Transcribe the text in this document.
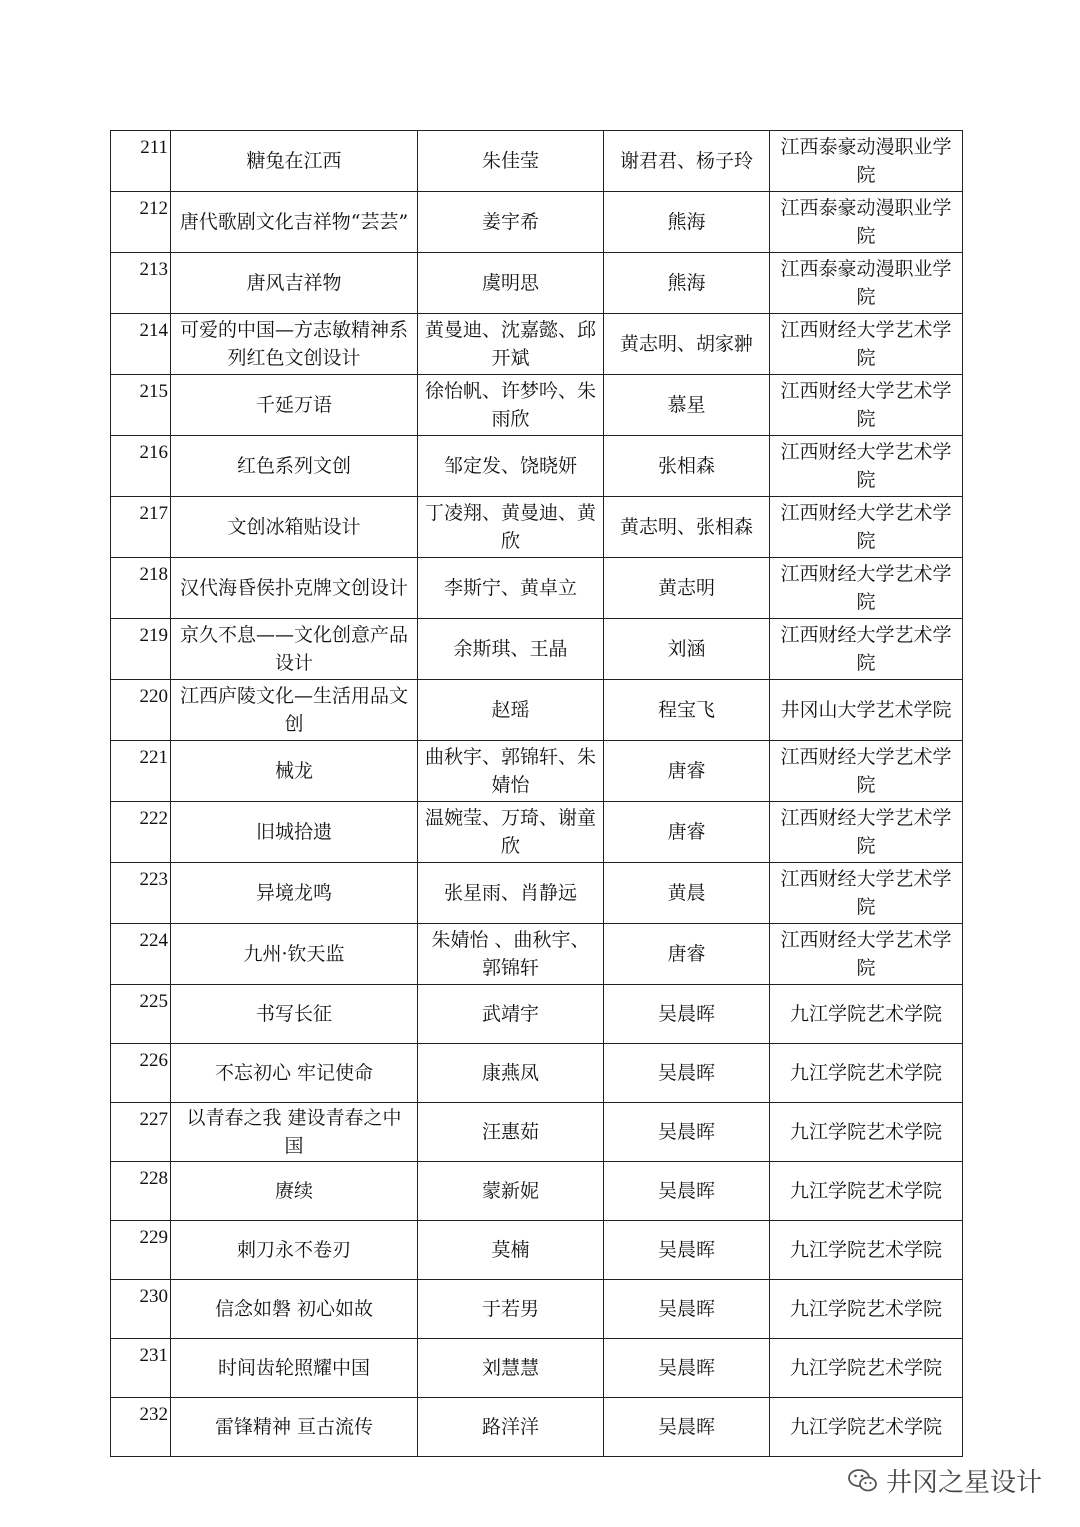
211	糖兔在江西	朱佳莹	谢君君、杨子玲	江西泰豪动漫职业学院
212	唐代歌剧文化吉祥物“芸芸”	姜宇希	熊海	江西泰豪动漫职业学院
213	唐风吉祥物	虞明思	熊海	江西泰豪动漫职业学院
214	可爱的中国—方志敏精神系列红色文创设计	黄曼迪、沈嘉懿、邱开斌	黄志明、胡家翀	江西财经大学艺术学院
215	千延万语	徐怡帆、许梦吟、朱雨欣	慕星	江西财经大学艺术学院
216	红色系列文创	邹定发、饶晓妍	张相森	江西财经大学艺术学院
217	文创冰箱贴设计	丁凌翔、黄曼迪、黄欣	黄志明、张相森	江西财经大学艺术学院
218	汉代海昏侯扑克牌文创设计	李斯宁、黄卓立	黄志明	江西财经大学艺术学院
219	京久不息——文化创意产品设计	余斯琪、王晶	刘涵	江西财经大学艺术学院
220	江西庐陵文化—生活用品文创	赵瑶	程宝飞	井冈山大学艺术学院
221	械龙	曲秋宇、郭锦轩、朱婧怡	唐睿	江西财经大学艺术学院
222	旧城拾遗	温婉莹、万琦、谢童欣	唐睿	江西财经大学艺术学院
223	异境龙鸣	张星雨、肖静远	黄晨	江西财经大学艺术学院
224	九州·钦天监	朱婧怡 、曲秋宇、郭锦轩	唐睿	江西财经大学艺术学院
225	书写长征	武靖宇	吴晨晖	九江学院艺术学院
226	不忘初心 牢记使命	康燕凤	吴晨晖	九江学院艺术学院
227	以青春之我 建设青春之中国	汪惠茹	吴晨晖	九江学院艺术学院
228	赓续	蒙新妮	吴晨晖	九江学院艺术学院
229	刺刀永不卷刃	莫楠	吴晨晖	九江学院艺术学院
230	信念如磐 初心如故	于若男	吴晨晖	九江学院艺术学院
231	时间齿轮照耀中国	刘慧慧	吴晨晖	九江学院艺术学院
232	雷锋精神 亘古流传	路洋洋	吴晨晖	九江学院艺术学院
井冈之星设计
